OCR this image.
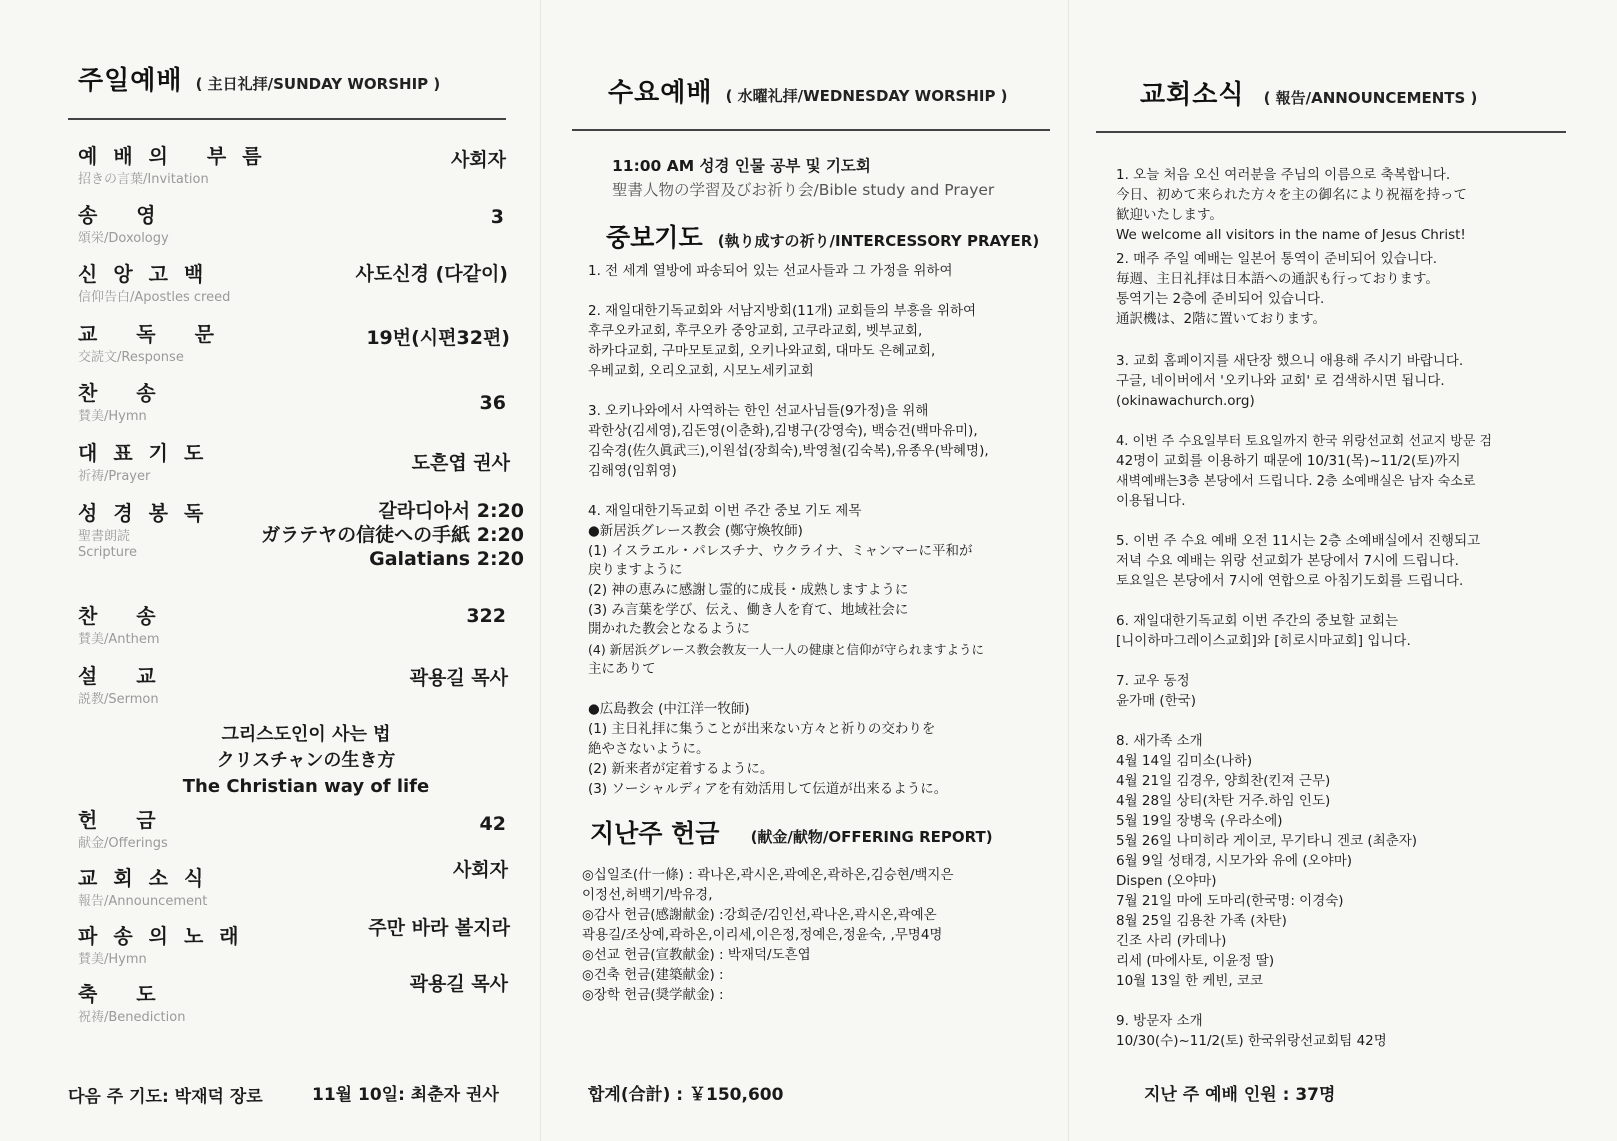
주일예배 ( 主日礼拝/SUNDAY WORSHIP )
예배의 부름
招きの言葉/Invitation
사회자
송 영
頌栄/Doxology
3
신앙고백
信仰告白/Apostles creed
사도신경 (다같이)
교 독 문
交読文/Response
19번(시편32편)
찬 송
賛美/Hymn
36
대표기도
祈祷/Prayer
도흔엽 권사
성경봉독
聖書朗読
Scripture
갈라디아서 2:20
ガラテヤの信徒への手紙 2:20
Galatians 2:20
찬 송
賛美/Anthem
322
설 교
説教/Sermon
곽용길 목사
그리스도인이 사는 법
クリスチャンの生き方
The Christian way of life
헌 금
献金/Offerings
42
교회소식
報告/Announcement
사회자
파송의노래
賛美/Hymn
주만 바라 볼지라
축 도
祝祷/Benediction
곽용길 목사
다음 주 기도: 박재덕 장로	11월 10일: 최춘자 권사
수요예배 ( 水曜礼拝/WEDNESDAY WORSHIP )
11:00 AM 성경 인물 공부 및 기도회
聖書人物の学習及びお祈り会/Bible study and Prayer
중보기도 (執り成すの祈り/INTERCESSORY PRAYER)
1. 전 세계 열방에 파송되어 있는 선교사들과 그 가정을 위하여
2. 재일대한기독교회와 서남지방회(11개) 교회들의 부흥을 위하여
후쿠오카교회, 후쿠오카 중앙교회, 고쿠라교회, 벳부교회,
하카다교회, 구마모토교회, 오키나와교회, 대마도 은혜교회,
우베교회, 오리오교회, 시모노세키교회
3. 오키나와에서 사역하는 한인 선교사님들(9가정)을 위해
곽한상(김세영),김돈영(이춘화),김병구(강영숙), 백승건(백마유미),
김숙경(佐久眞武三),이원섭(장희숙),박영철(김숙복),유종우(박혜명),
김해영(임휘영)
4. 재일대한기독교회 이번 주간 중보 기도 제목
●新居浜グレース教会 (鄭守煥牧師)
(1) イスラエル・パレスチナ、ウクライナ、ミャンマーに平和が
戻りますように
(2) 神の恵みに感謝し霊的に成長・成熟しますように
(3) み言葉を学び、伝え、働き人を育て、地域社会に
開かれた教会となるように
(4) 新居浜グレース教会教友一人一人の健康と信仰が守られますように
主にありて
●広島教会 (中江洋一牧師)
(1) 主日礼拝に集うことが出来ない方々と祈りの交わりを
絶やさないように。
(2) 新来者が定着するように。
(3) ソーシャルディアを有効活用して伝道が出来るように。
지난주 헌금 (献金/献物/OFFERING REPORT)
◎십일조(什一條) : 곽나온,곽시온,곽예온,곽하온,김승현/백지은
이정선,허백기/박유경,
◎감사 헌금(感謝献金) :강희준/김인선,곽나온,곽시온,곽예온
곽용길/조상예,곽하온,이리세,이은정,정예은,정윤숙, ,무명4명
◎선교 헌금(宣教献金) : 박재덕/도흔엽
◎건축 헌금(建築献金) :
◎장학 헌금(奨学献金) :
합계(合計) : ￥150,600
교회소식 ( 報告/ANNOUNCEMENTS )
1. 오늘 처음 오신 여러분을 주님의 이름으로 축복합니다.
今日、初めて来られた方々を主の御名により祝福を持って
歓迎いたします。
We welcome all visitors in the name of Jesus Christ!
2. 매주 주일 예배는 일본어 통역이 준비되어 있습니다.
毎週、主日礼拝は日本語への通訳も行っております。
통역기는 2층에 준비되어 있습니다.
通訳機は、2階に置いております。
3. 교회 홈페이지를 새단장 했으니 애용해 주시기 바랍니다.
구글, 네이버에서 '오키나와 교회' 로 검색하시면 됩니다.
(okinawachurch.org)
4. 이번 주 수요일부터 토요일까지 한국 위랑선교회 선교지 방문 검
42명이 교회를 이용하기 때문에 10/31(목)~11/2(토)까지
새벽예배는3층 본당에서 드립니다. 2층 소예배실은 남자 숙소로
이용됩니다.
5. 이번 주 수요 예배 오전 11시는 2층 소예배실에서 진행되고
저녁 수요 예배는 위랑 선교회가 본당에서 7시에 드립니다.
토요일은 본당에서 7시에 연합으로 아침기도회를 드립니다.
6. 재일대한기독교회 이번 주간의 중보할 교회는
[니이하마그레이스교회]와 [히로시마교회] 입니다.
7. 교우 동정
윤가매 (한국)
8. 새가족 소개
4월 14일 김미소(나하)
4월 21일 김경우, 양희찬(킨져 근무)
4월 28일 상티(차탄 거주.하임 인도)
5월 19일 장병욱 (우라소에)
5월 26일 나미히라 게이코, 무기타니 겐코 (최춘자)
6월 9일 성태경, 시모가와 유에 (오야마)
Dispen (오야마)
7월 21일 마에 도마리(한국명: 이경숙)
8월 25일 김용찬 가족 (차탄)
긴조 사리 (카데나)
리세 (마에사토, 이윤정 딸)
10월 13일 한 케빈, 코코
9. 방문자 소개
10/30(수)~11/2(토) 한국위랑선교회팀 42명
지난 주 예배 인원 : 37명
